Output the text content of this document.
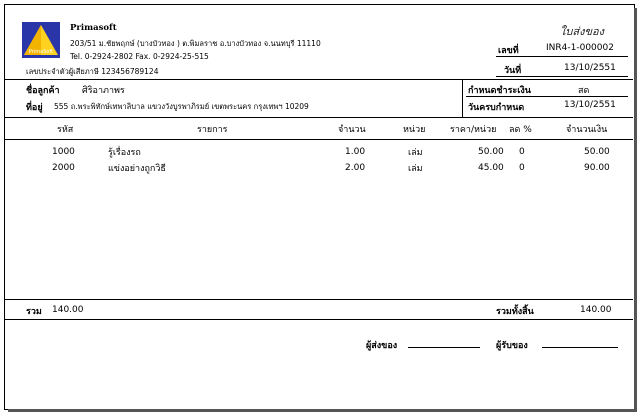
PrimaSoft
Primasoft
203/51 ม.ชัยพฤกษ์ (บางบัวทอง ) ต.พิมลราช อ.บางบัวทอง จ.นนทบุรี 11110
Tel. 0-2924-2802 Fax. 0-2924-25-515
เลขประจำตัวผู้เสียภาษี 123456789124
ใบส่งของ
เลขที่	INR4-1-000002
วันที่	13/10/2551
ชื่อลูกค้า ศิริอาภาพร
ที่อยู่ 555 ถ.พระพิทักษ์เทพาลิบาล แขวงวังบูรพาภิรมย์ เขตพระนคร กรุงเทพฯ 10209
กำหนดชำระเงิน	สด
วันครบกำหนด	13/10/2551
รหัส	รายการ	จำนวน	หน่วย	ราคา/หน่วย ลด %	จำนวนเงิน
1000	รู้เรื่องรถ	1.00	เล่ม	50.00 0	50.00
2000	แข่งอย่างถูกวิธี	2.00	เล่ม	45.00 0	90.00
รวม 140.00	รวมทั้งสิ้น	140.00
ผู้ส่งของ	ผู้รับของ
